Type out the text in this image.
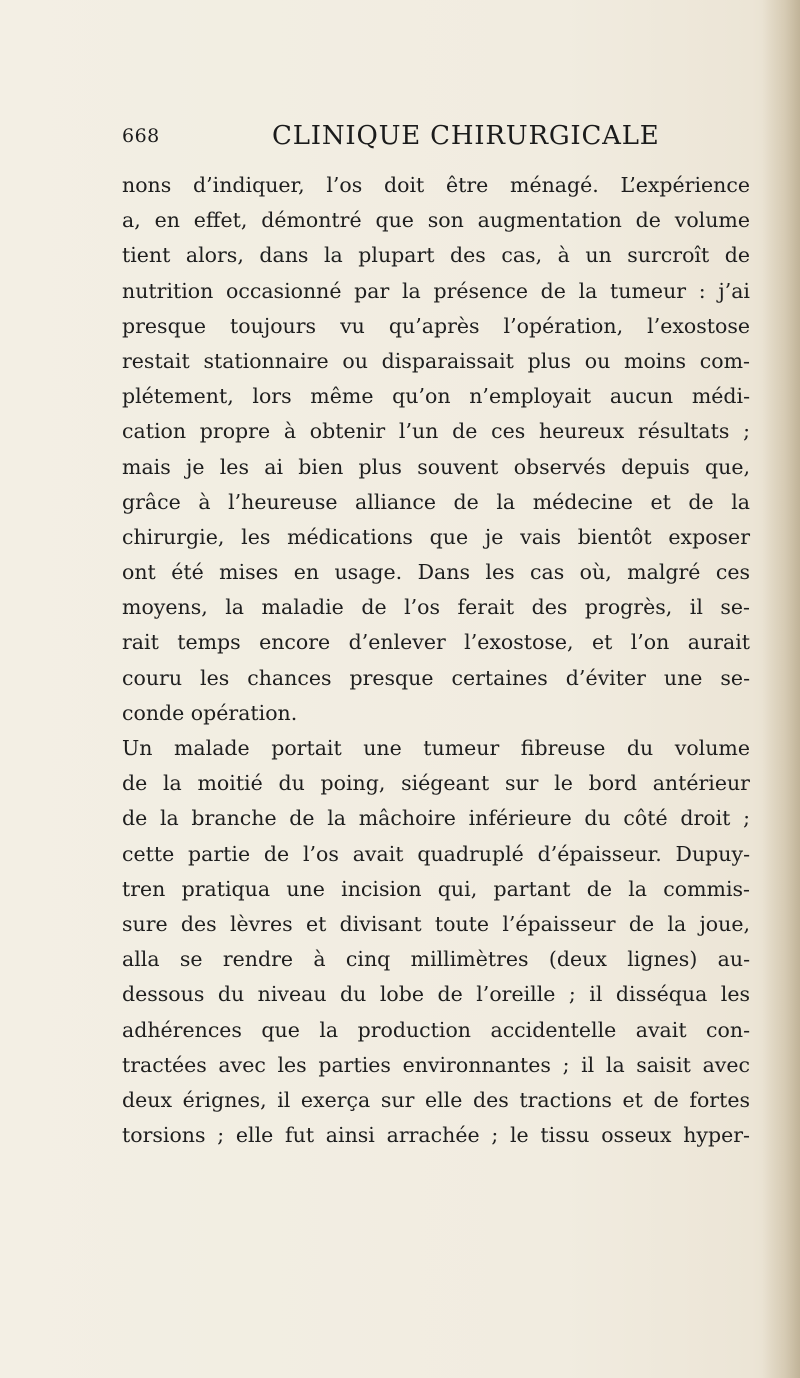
668	CLINIQUE CHIRURGICALE
nons d’indiquer, l’os doit être ménagé. L’expérience
a, en effet, démontré que son augmentation de volume
tient alors, dans la plupart des cas, à un surcroît de
nutrition occasionné par la présence de la tumeur : j’ai
presque toujours vu qu’après l’opération, l’exostose
restait stationnaire ou disparaissait plus ou moins com-
plétement, lors même qu’on n’employait aucun médi-
cation propre à obtenir l’un de ces heureux résultats ;
mais je les ai bien plus souvent observés depuis que,
grâce à l’heureuse alliance de la médecine et de la
chirurgie, les médications que je vais bientôt exposer
ont été mises en usage. Dans les cas où, malgré ces
moyens, la maladie de l’os ferait des progrès, il se-
rait temps encore d’enlever l’exostose, et l’on aurait
couru les chances presque certaines d’éviter une se-
conde opération.
Un malade portait une tumeur fibreuse du volume
de la moitié du poing, siégeant sur le bord antérieur
de la branche de la mâchoire inférieure du côté droit ;
cette partie de l’os avait quadruplé d’épaisseur. Dupuy-
tren pratiqua une incision qui, partant de la commis-
sure des lèvres et divisant toute l’épaisseur de la joue,
alla se rendre à cinq millimètres (deux lignes) au-
dessous du niveau du lobe de l’oreille ; il disséqua les
adhérences que la production accidentelle avait con-
tractées avec les parties environnantes ; il la saisit avec
deux érignes, il exerça sur elle des tractions et de fortes
torsions ; elle fut ainsi arrachée ; le tissu osseux hyper-
